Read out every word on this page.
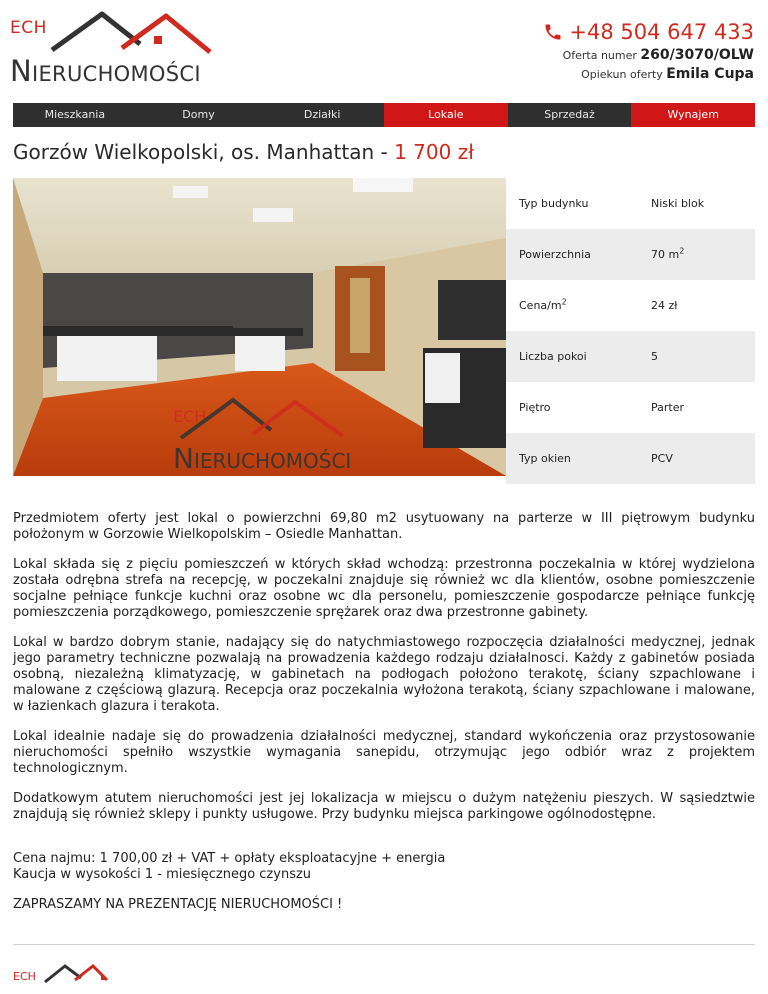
ECH
NIERUCHOMOŚCI
+48 504 647 433
Oferta numer 260/3070/OLW
Opiekun oferty Emila Cupa
Mieszkania	Domy	Działki	Lokale	Sprzedaż	Wynajem
Gorzów Wielkopolski, os. Manhattan - 1 700 zł
ECH
NIERUCHOMOŚCI
Typ budynku	Niski blok
Powierzchnia	70 $m^2$
Cena/$m^2$	24 zł
Liczba pokoi	5
Piętro	Parter
Typ okien	PCV

Przedmiotem oferty jest lokal o powierzchni 69,80 m2 usytuowany na parterze w III piętrowym budynku położonym w Gorzowie Wielkopolskim – Osiedle Manhattan.

Lokal składa się z pięciu pomieszczeń w których skład wchodzą: przestronna poczekalnia w której wydzielona została odrębna strefa na recepcję, w poczekalni znajduje się również wc dla klientów, osobne pomieszczenie socjalne pełniące funkcje kuchni oraz osobne wc dla personelu, pomieszczenie gospodarcze pełniące funkcję pomieszczenia porządkowego, pomieszczenie sprężarek oraz dwa przestronne gabinety.

Lokal w bardzo dobrym stanie, nadający się do natychmiastowego rozpoczęcia działalności medycznej, jednak jego parametry techniczne pozwalają na prowadzenia każdego rodzaju działalnosci. Każdy z gabinetów posiada osobną, niezależną klimatyzację, w gabinetach na podłogach położono terakotę, ściany szpachlowane i malowane z częściową glazurą. Recepcja oraz poczekalnia wyłożona terakotą, ściany szpachlowane i malowane, w łazienkach glazura i terakota.

Lokal idealnie nadaje się do prowadzenia działalności medycznej, standard wykończenia oraz przystosowanie nieruchomości spełniło wszystkie wymagania sanepidu, otrzymując jego odbiór wraz z projektem technologicznym.

Dodatkowym atutem nieruchomości jest jej lokalizacja w miejscu o dużym natężeniu pieszych. W sąsiedztwie znajdują się również sklepy i punkty usługowe. Przy budynku miejsca parkingowe ogólnodostępne.

Cena najmu: 1 700,00 zł + VAT + opłaty eksploatacyjne + energia

Kaucja w wysokości 1 - miesięcznego czynszu

ZAPRASZAMY NA PREZENTACJĘ NIERUCHOMOŚCI !

ECH
